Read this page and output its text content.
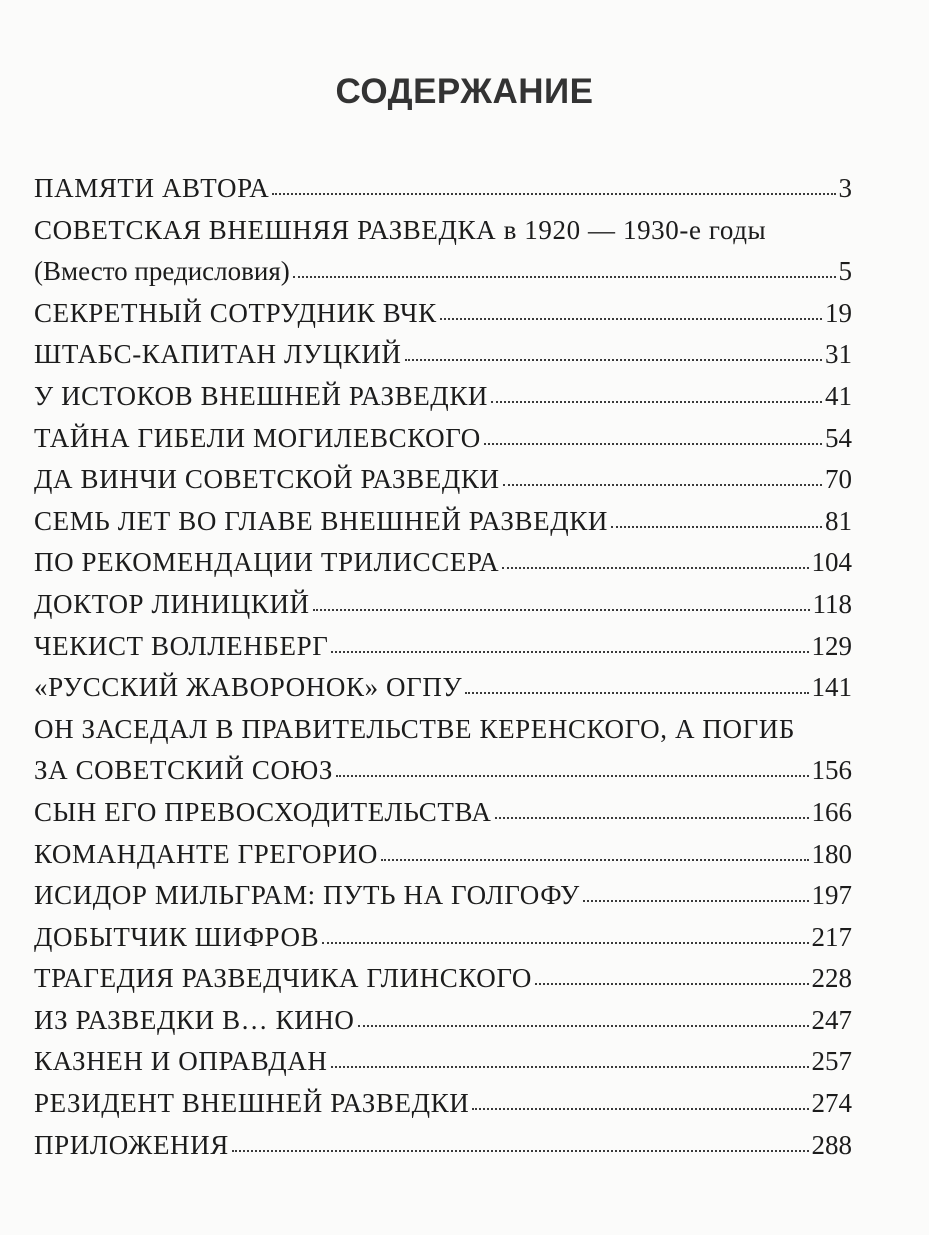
СОДЕРЖАНИЕ
ПАМЯТИ АВТОРА	3
СОВЕТСКАЯ ВНЕШНЯЯ РАЗВЕДКА в 1920 — 1930-е годы
(Вместо предисловия)	5
СЕКРЕТНЫЙ СОТРУДНИК ВЧК	19
ШТАБС-КАПИТАН ЛУЦКИЙ	31
У ИСТОКОВ ВНЕШНЕЙ РАЗВЕДКИ	41
ТАЙНА ГИБЕЛИ МОГИЛЕВСКОГО	54
ДА ВИНЧИ СОВЕТСКОЙ РАЗВЕДКИ	70
СЕМЬ ЛЕТ ВО ГЛАВЕ ВНЕШНЕЙ РАЗВЕДКИ	81
ПО РЕКОМЕНДАЦИИ ТРИЛИССЕРА	104
ДОКТОР ЛИНИЦКИЙ	118
ЧЕКИСТ ВОЛЛЕНБЕРГ	129
«РУССКИЙ ЖАВОРОНОК» ОГПУ	141
ОН ЗАСЕДАЛ В ПРАВИТЕЛЬСТВЕ КЕРЕНСКОГО, А ПОГИБ
ЗА СОВЕТСКИЙ СОЮЗ	156
СЫН ЕГО ПРЕВОСХОДИТЕЛЬСТВА	166
КОМАНДАНТЕ ГРЕГОРИО	180
ИСИДОР МИЛЬГРАМ: ПУТЬ НА ГОЛГОФУ	197
ДОБЫТЧИК ШИФРОВ	217
ТРАГЕДИЯ РАЗВЕДЧИКА ГЛИНСКОГО	228
ИЗ РАЗВЕДКИ В… КИНО	247
КАЗНЕН И ОПРАВДАН	257
РЕЗИДЕНТ ВНЕШНЕЙ РАЗВЕДКИ	274
ПРИЛОЖЕНИЯ	288
